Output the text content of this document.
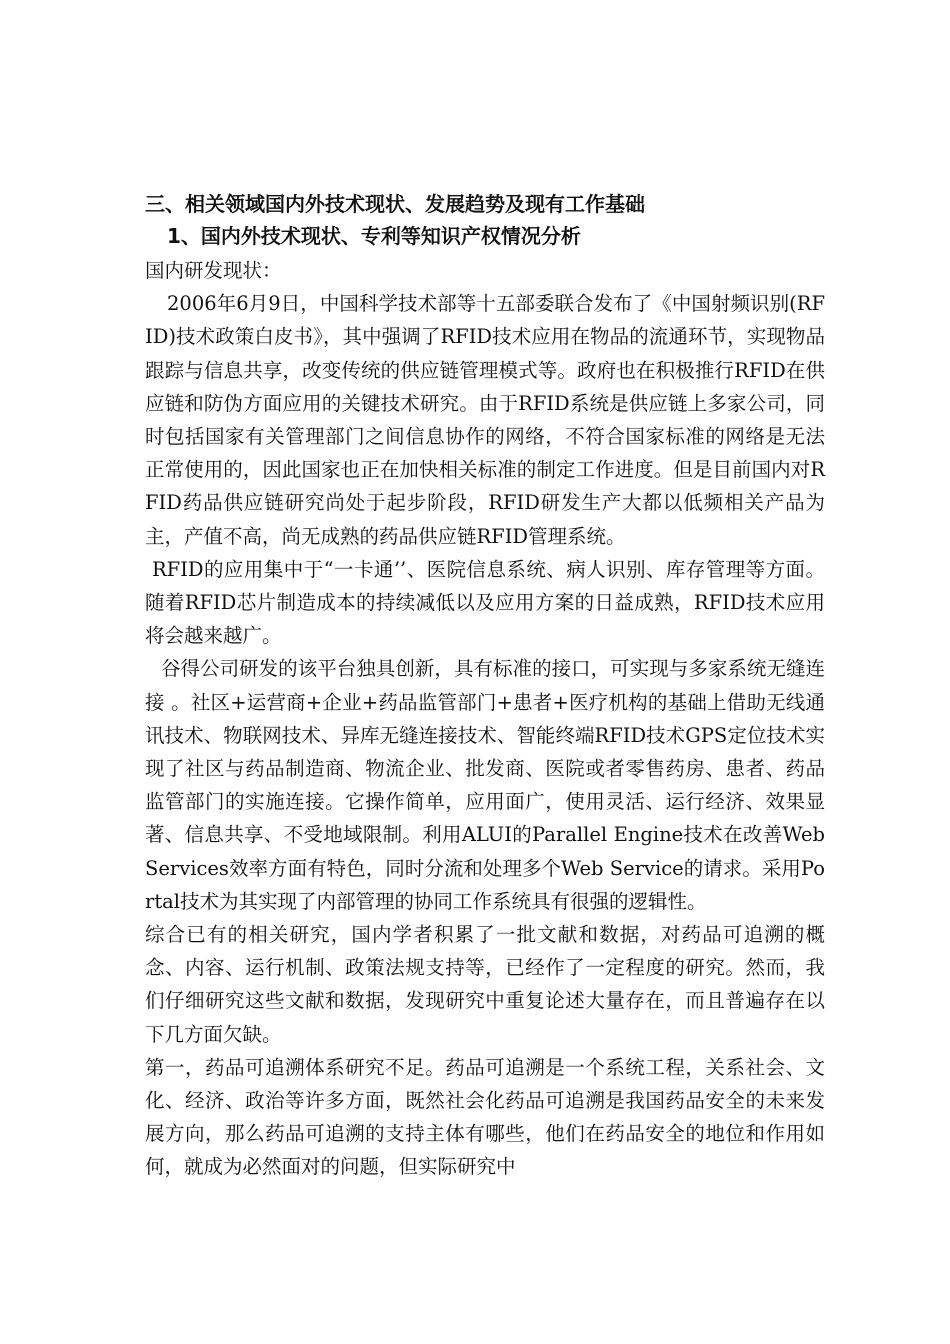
三、相关领域国内外技术现状、发展趋势及现有工作基础

1、国内外技术现状、专利等知识产权情况分析

国内研发现状：

2006年6月9日，中国科学技术部等十五部委联合发布了《中国射频识别(RFID)技术政策白皮书》，其中强调了RFID技术应用在物品的流通环节，实现物品跟踪与信息共享，改变传统的供应链管理模式等。政府也在积极推行RFID在供应链和防伪方面应用的关键技术研究。由于RFID系统是供应链上多家公司，同时包括国家有关管理部门之间信息协作的网络，不符合国家标准的网络是无法正常使用的，因此国家也正在加快相关标准的制定工作进度。但是目前国内对RFID药品供应链研究尚处于起步阶段，RFID研发生产大都以低频相关产品为主，产值不高，尚无成熟的药品供应链RFID管理系统。

RFID的应用集中于“一卡通’’、医院信息系统、病人识别、库存管理等方面。随着RFID芯片制造成本的持续减低以及应用方案的日益成熟，RFID技术应用将会越来越广。

谷得公司研发的该平台独具创新，具有标准的接口，可实现与多家系统无缝连接 。社区+运营商+企业+药品监管部门+患者+医疗机构的基础上借助无线通讯技术、物联网技术、异库无缝连接技术、智能终端RFID技术GPS定位技术实现了社区与药品制造商、物流企业、批发商、医院或者零售药房、患者、药品监管部门的实施连接。它操作简单，应用面广，使用灵活、运行经济、效果显著、信息共享、不受地域限制。利用ALUI的Parallel Engine技术在改善Web Services效率方面有特色，同时分流和处理多个Web Service的请求。采用Portal技术为其实现了内部管理的协同工作系统具有很强的逻辑性。

综合已有的相关研究，国内学者积累了一批文献和数据，对药品可追溯的概念、内容、运行机制、政策法规支持等，已经作了一定程度的研究。然而，我们仔细研究这些文献和数据，发现研究中重复论述大量存在，而且普遍存在以下几方面欠缺。

第一，药品可追溯体系研究不足。药品可追溯是一个系统工程，关系社会、文化、经济、政治等许多方面，既然社会化药品可追溯是我国药品安全的未来发展方向，那么药品可追溯的支持主体有哪些，他们在药品安全的地位和作用如何，就成为必然面对的问题，但实际研究中
